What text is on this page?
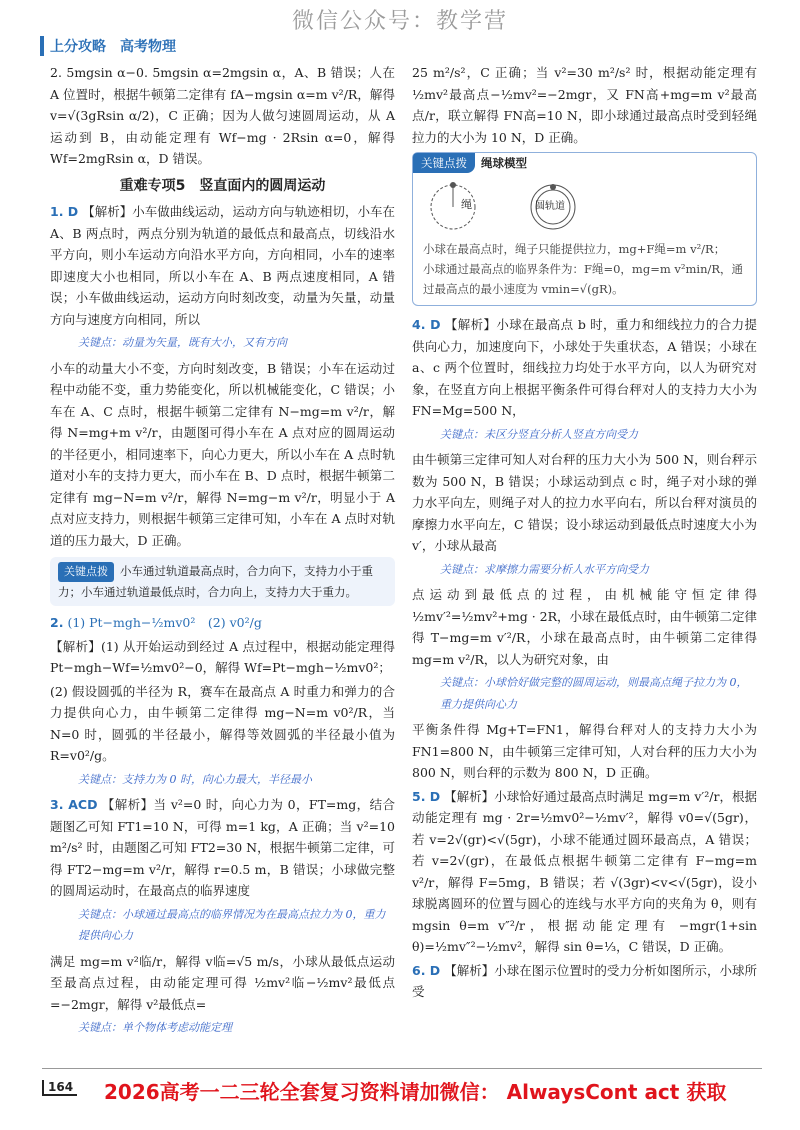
微信公众号：教学营
上分攻略　高考物理

2. 5mgsin α−0. 5mgsin α=2mgsin α，A、B 错误；人在 A 位置时，根据牛顿第二定律有 fA−mgsin α=m v²/R，解得 v=√(3gRsin α/2)，C 正确；因为人做匀速圆周运动，从 A 运动到 B，由动能定理有 Wf−mg · 2Rsin α=0，解得 Wf=2mgRsin α，D 错误。

重难专项5　竖直面内的圆周运动

1. D 【解析】小车做曲线运动，运动方向与轨迹相切，小车在 A、B 两点时，两点分别为轨道的最低点和最高点，切线沿水平方向，则小车运动方向沿水平方向，方向相同，小车的速率即速度大小也相同，所以小车在 A、B 两点速度相同，A 错误；小车做曲线运动，运动方向时刻改变，动量为矢量，动量方向与速度方向相同，所以

关键点：动量为矢量，既有大小，又有方向

小车的动量大小不变，方向时刻改变，B 错误；小车在运动过程中动能不变，重力势能变化，所以机械能变化，C 错误；小车在 A、C 点时，根据牛顿第二定律有 N−mg=m v²/r，解得 N=mg+m v²/r，由题图可得小车在 A 点对应的圆周运动的半径更小，相同速率下，向心力更大，所以小车在 A 点时轨道对小车的支持力更大，而小车在 B、D 点时，根据牛顿第二定律有 mg−N=m v²/r，解得 N=mg−m v²/r，明显小于 A 点对应支持力，则根据牛顿第三定律可知，小车在 A 点时对轨道的压力最大，D 正确。

关键点拨 小车通过轨道最高点时，合力向下，支持力小于重力；小车通过轨道最低点时，合力向上，支持力大于重力。

2. (1) Pt−mgh−½mv0²　(2) v0²/g

【解析】(1) 从开始运动到经过 A 点过程中，根据动能定理得 Pt−mgh−Wf=½mv0²−0，解得 Wf=Pt−mgh−½mv0²；

(2) 假设圆弧的半径为 R，赛车在最高点 A 时重力和弹力的合力提供向心力，由牛顿第二定律得 mg−N=m v0²/R，当 N=0 时，圆弧的半径最小，解得等效圆弧的半径最小值为 R=v0²/g。

关键点：支持力为 0 时，向心力最大，半径最小

3. ACD 【解析】当 v²=0 时，向心力为 0，FT=mg，结合题图乙可知 FT1=10 N，可得 m=1 kg，A 正确；当 v²=10 m²/s² 时，由题图乙可知 FT2=30 N，根据牛顿第二定律，可得 FT2−mg=m v²/r，解得 r=0.5 m，B 错误；小球做完整的圆周运动时，在最高点的临界速度

关键点：小球通过最高点的临界情况为在最高点拉力为 0，重力提供向心力

满足 mg=m v²临/r，解得 v临=√5 m/s，小球从最低点运动至最高点过程，由动能定理可得 ½mv²临−½mv²最低点=−2mgr，解得 v²最低点=

关键点：单个物体考虑动能定理

25 m²/s²，C 正确；当 v²=30 m²/s² 时，根据动能定理有 ½mv²最高点−½mv²=−2mgr，又 FN高+mg=m v²最高点/r，联立解得 FN高=10 N，即小球通过最高点时受到轻绳拉力的大小为 10 N，D 正确。

关键点拨 绳球模型
绳	圆轨道
小球在最高点时，绳子只能提供拉力，mg+F绳=m v²/R；
小球通过最高点的临界条件为：F绳=0，mg=m v²min/R，通过最高点的最小速度为 vmin=√(gR)。

4. D 【解析】小球在最高点 b 时，重力和细线拉力的合力提供向心力，加速度向下，小球处于失重状态，A 错误；小球在 a、c 两个位置时，细线拉力均处于水平方向，以人为研究对象，在竖直方向上根据平衡条件可得台秤对人的支持力大小为 FN=Mg=500 N，

关键点：未区分竖直分析人竖直方向受力

由牛顿第三定律可知人对台秤的压力大小为 500 N，则台秤示数为 500 N，B 错误；小球运动到点 c 时，绳子对小球的弹力水平向左，则绳子对人的拉力水平向右，所以台秤对演员的摩擦力水平向左，C 错误；设小球运动到最低点时速度大小为 v′，小球从最高

关键点：求摩擦力需要分析人水平方向受力

点运动到最低点的过程，由机械能守恒定律得 ½mv′²=½mv²+mg · 2R，小球在最低点时，由牛顿第二定律得 T−mg=m v′²/R，小球在最高点时，由牛顿第二定律得 mg=m v²/R，以人为研究对象，由

关键点：小球恰好做完整的圆周运动，则最高点绳子拉力为 0，重力提供向心力

平衡条件得 Mg+T=FN1，解得台秤对人的支持力大小为 FN1=800 N，由牛顿第三定律可知，人对台秤的压力大小为 800 N，则台秤的示数为 800 N，D 正确。

5. D 【解析】小球恰好通过最高点时满足 mg=m v′²/r，根据动能定理有 mg · 2r=½mv0²−½mv′²，解得 v0=√(5gr)，若 v=2√(gr)<√(5gr)，小球不能通过圆环最高点，A 错误；若 v=2√(gr)，在最低点根据牛顿第二定律有 F−mg=m v²/r，解得 F=5mg，B 错误；若 √(3gr)<v<√(5gr)，设小球脱离圆环的位置与圆心的连线与水平方向的夹角为 θ，则有 mgsin θ=m v″²/r，根据动能定理有 −mgr(1+sin θ)=½mv″²−½mv²，解得 sin θ=⅓，C 错误，D 正确。

6. D 【解析】小球在图示位置时的受力分析如图所示，小球所受

164 2026高考一二三轮全套复习资料请加微信： AlwaysCont act 获取
